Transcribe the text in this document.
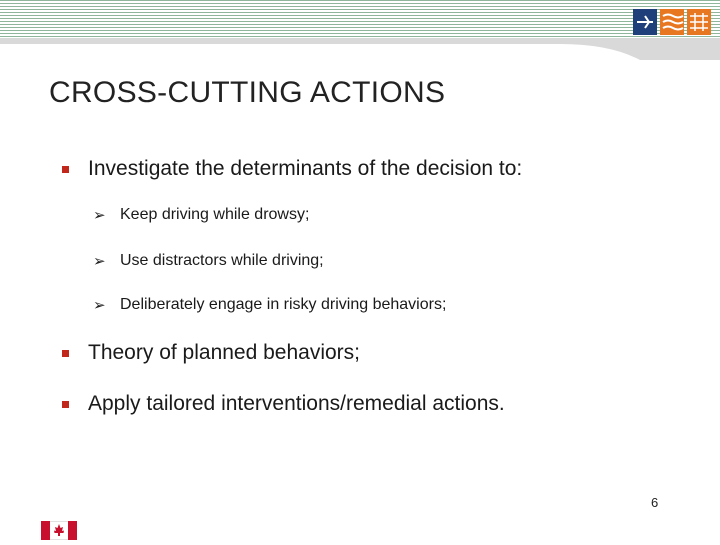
CROSS-CUTTING ACTIONS
Investigate the determinants of the decision to:
➢ Keep driving while drowsy;
➢ Use distractors while driving;
➢ Deliberately engage in risky driving behaviors;
Theory of planned behaviors;
Apply tailored interventions/remedial actions.
6
